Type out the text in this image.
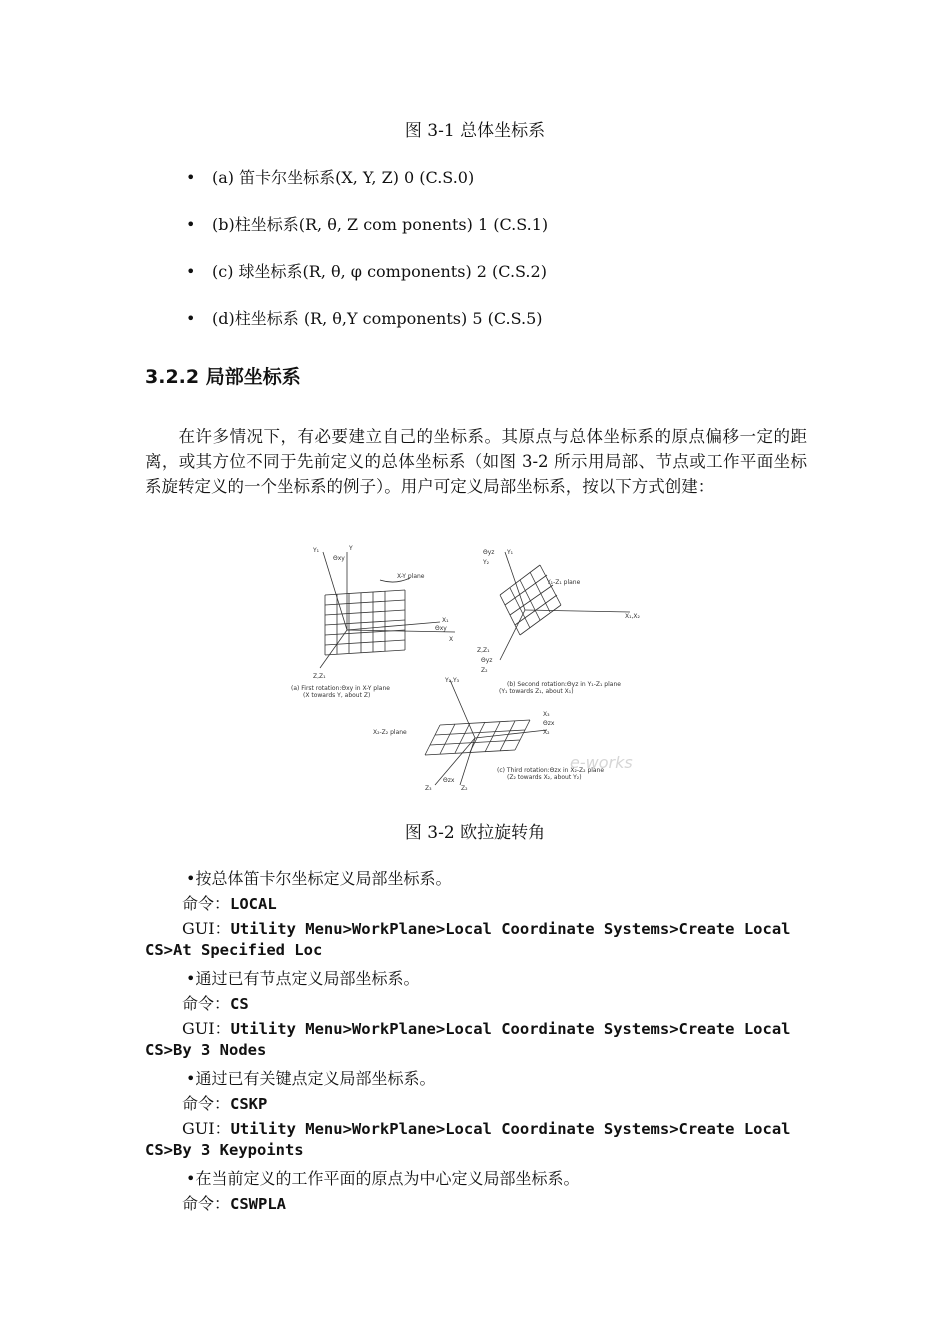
图 3-1 总体坐标系
• (a) 笛卡尔坐标系(X, Y, Z) 0 (C.S.0)
• (b)柱坐标系(R, θ, Z com ponents) 1 (C.S.1)
• (c) 球坐标系(R, θ, φ components) 2 (C.S.2)
• (d)柱坐标系 (R, θ,Y components) 5 (C.S.5)
3.2.2 局部坐标系
在许多情况下，有必要建立自己的坐标系。其原点与总体坐标系的原点偏移一定的距离，或其方位不同于先前定义的总体坐标系（如图 3-2 所示用局部、节点或工作平面坐标系旋转定义的一个坐标系的例子）。用户可定义局部坐标系，按以下方式创建：
Y₁
Θxy
Y
X-Y plane
X₁
Θxy
X
Z,Z₁
(a) First rotation:Θxy in X-Y plane
(X towards Y, about Z)
Θyz Y₁
Y₂
Y₁-Z₁ plane
X₁,X₂
Z,Z₁
Θyz
Z₂
(b) Second rotation:Θyz in Y₁-Z₁ plane
(Y₁ towards Z₁, about X₁)
Y₂,Y₃
X₂-Z₂ plane
X₃
Θzx
X₂
Z₃
Θzx
Z₂
(c) Third rotation:Θzx in X₂-Z₂ plane
(Z₂ towards X₂, about Y₂)
e-works
图 3-2 欧拉旋转角
•按总体笛卡尔坐标定义局部坐标系。
命令：LOCAL
GUI：Utility Menu>WorkPlane>Local Coordinate Systems>Create Local
CS>At Specified Loc
•通过已有节点定义局部坐标系。
命令：CS
GUI：Utility Menu>WorkPlane>Local Coordinate Systems>Create Local
CS>By 3 Nodes
•通过已有关键点定义局部坐标系。
命令：CSKP
GUI：Utility Menu>WorkPlane>Local Coordinate Systems>Create Local
CS>By 3 Keypoints
•在当前定义的工作平面的原点为中心定义局部坐标系。
命令：CSWPLA
